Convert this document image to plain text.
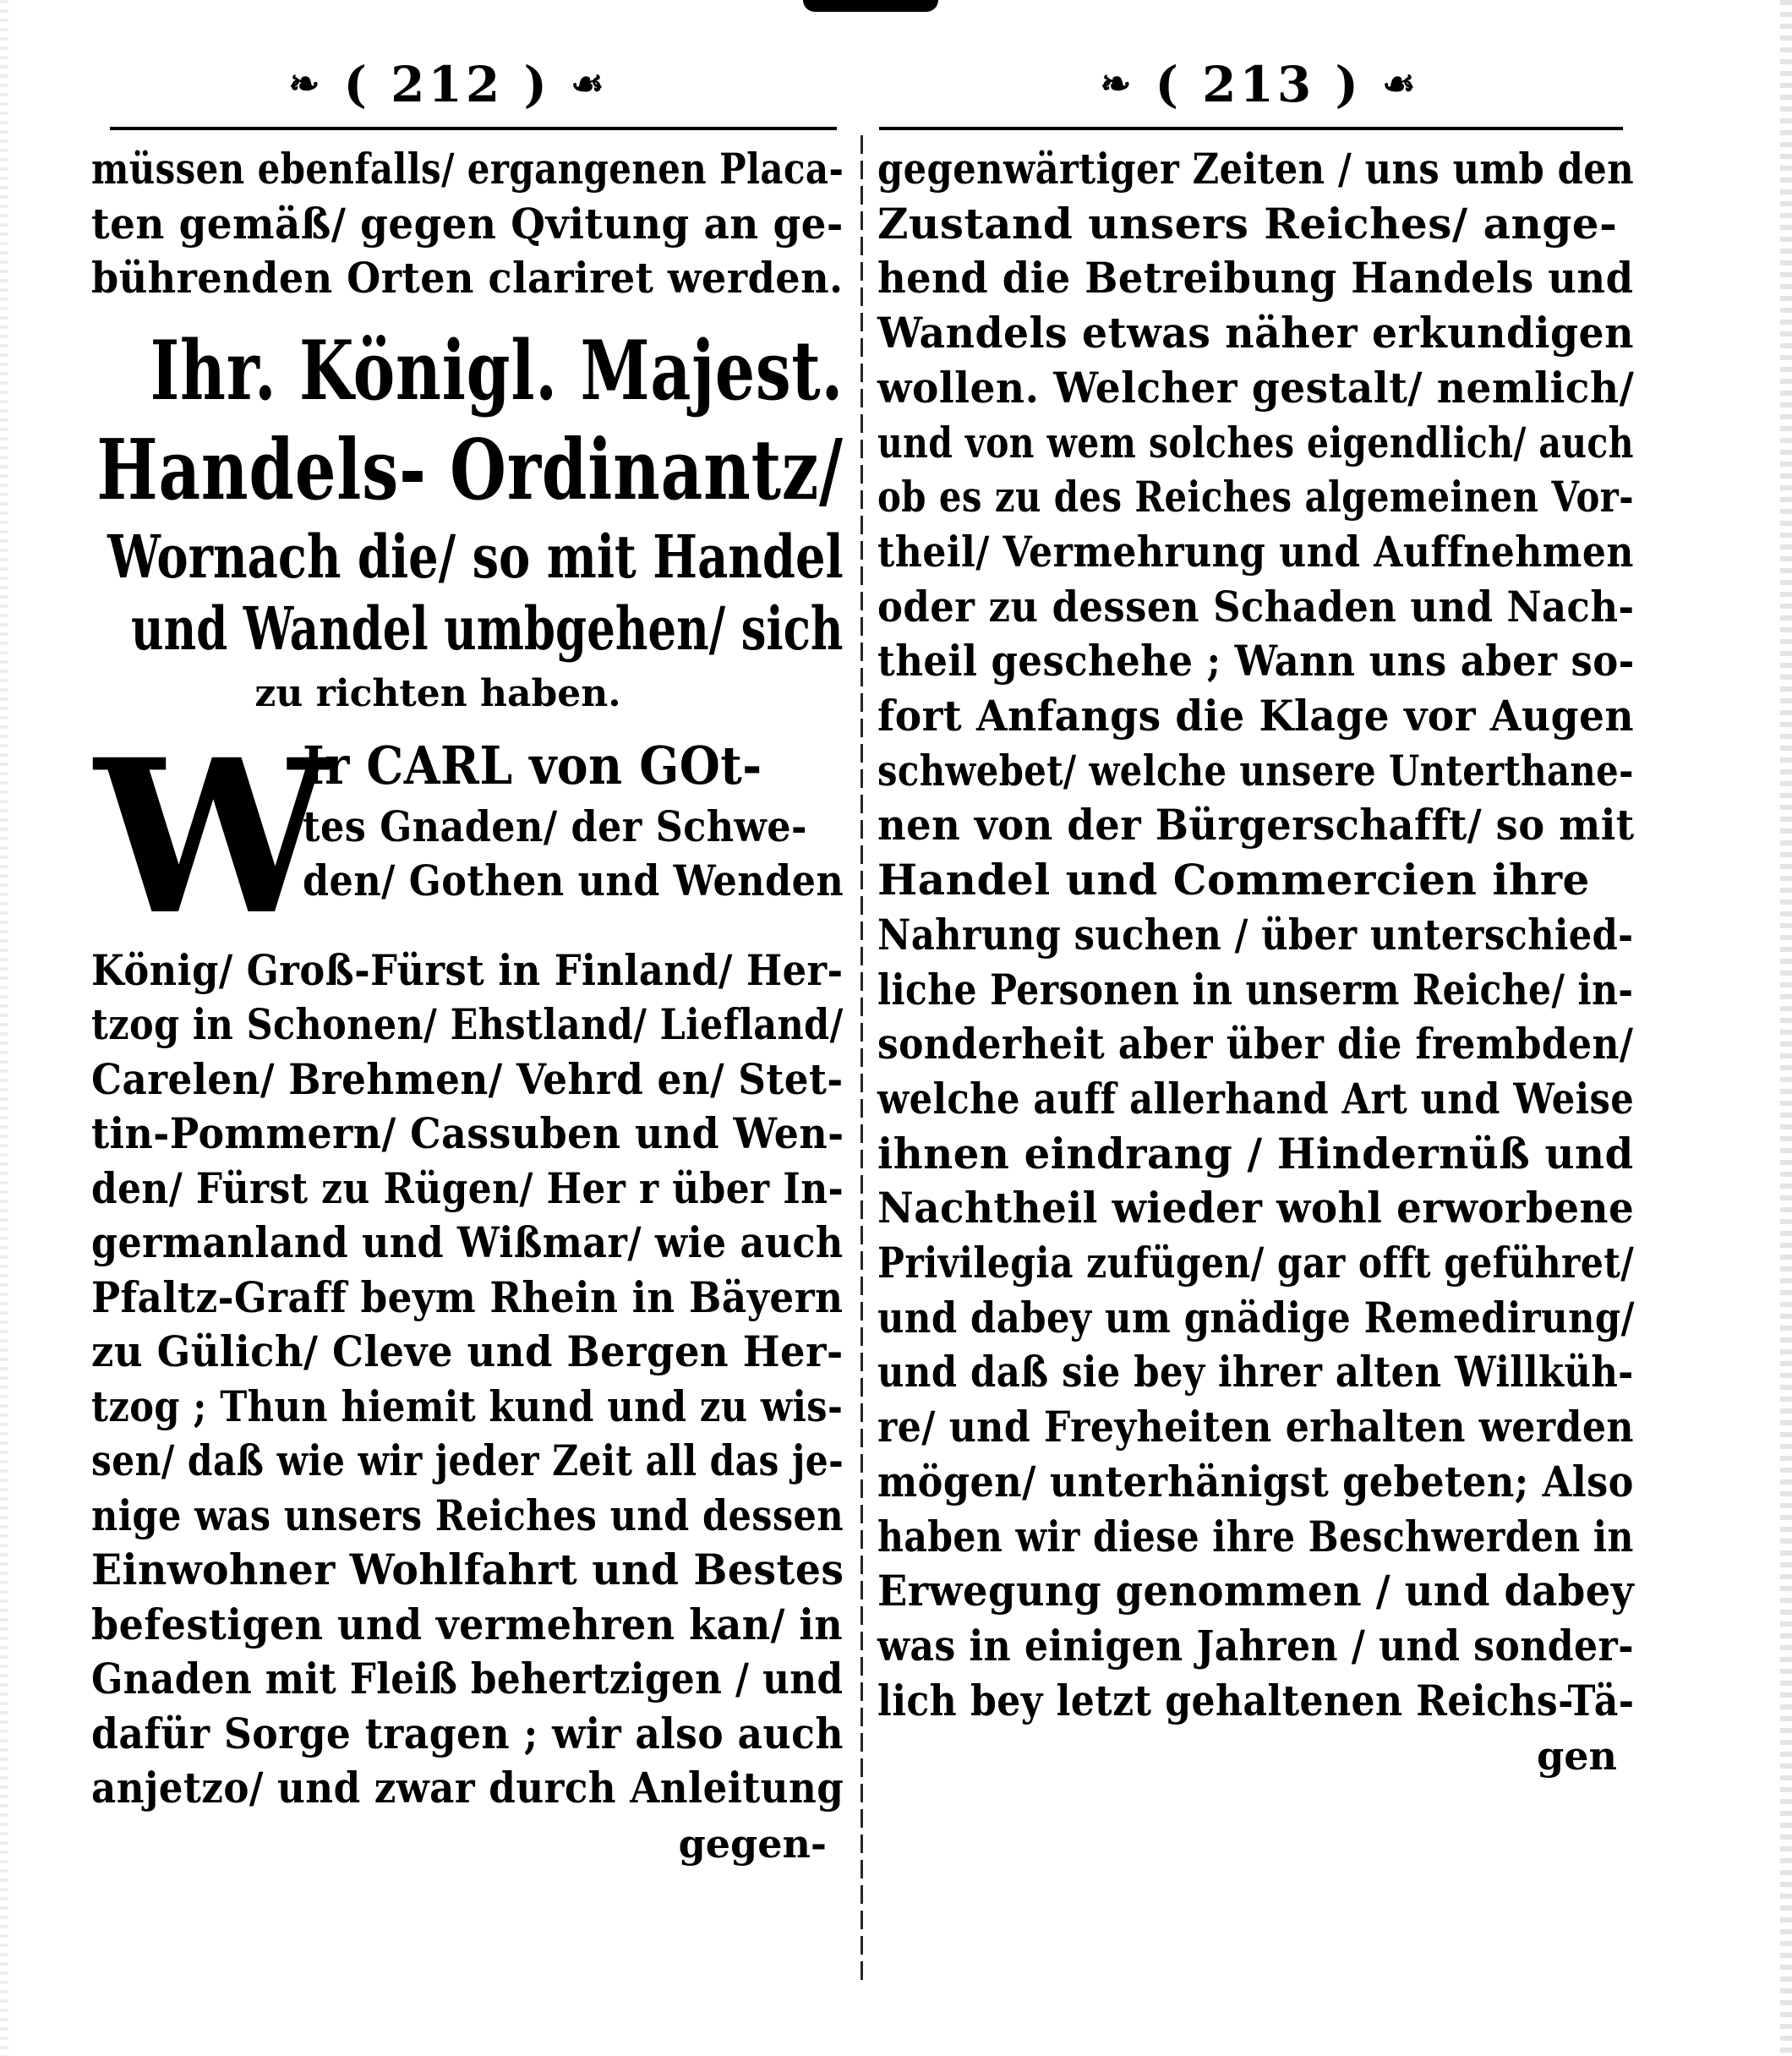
❧ ( 212 ) ☙
müssen ebenfalls/ ergangenen Placa-
ten gemäß/ gegen Qvitung an ge-
bührenden Orten clariret werden.
Ihr. Königl. Majest.
Handels- Ordinantz/
Wornach die/ so mit Handel
und Wandel umbgehen/ sich
zu richten haben.
W
Ir CARL von GOt-
tes Gnaden/ der Schwe-
den/ Gothen und Wenden
König/ Groß-Fürst in Finland/ Her-
tzog in Schonen/ Ehstland/ Liefland/
Carelen/ Brehmen/ Vehrd en/ Stet-
tin-Pommern/ Cassuben und Wen-
den/ Fürst zu Rügen/ Her r über In-
germanland und Wißmar/ wie auch
Pfaltz-Graff beym Rhein in Bäyern
zu Gülich/ Cleve und Bergen Her-
tzog ; Thun hiemit kund und zu wis-
sen/ daß wie wir jeder Zeit all das je-
nige was unsers Reiches und dessen
Einwohner Wohlfahrt und Bestes
befestigen und vermehren kan/ in
Gnaden mit Fleiß behertzigen / und
dafür Sorge tragen ; wir also auch
anjetzo/ und zwar durch Anleitung
gegen-
❧ ( 213 ) ☙
gegenwärtiger Zeiten / uns umb den
Zustand unsers Reiches/ ange-
hend die Betreibung Handels und
Wandels etwas näher erkundigen
wollen. Welcher gestalt/ nemlich/
und von wem solches eigendlich/ auch
ob es zu des Reiches algemeinen Vor-
theil/ Vermehrung und Auffnehmen
oder zu dessen Schaden und Nach-
theil geschehe ; Wann uns aber so-
fort Anfangs die Klage vor Augen
schwebet/ welche unsere Unterthane-
nen von der Bürgerschafft/ so mit
Handel und Commercien ihre
Nahrung suchen / über unterschied-
liche Personen in unserm Reiche/ in-
sonderheit aber über die frembden/
welche auff allerhand Art und Weise
ihnen eindrang / Hindernüß und
Nachtheil wieder wohl erworbene
Privilegia zufügen/ gar offt geführet/
und dabey um gnädige Remedirung/
und daß sie bey ihrer alten Willküh-
re/ und Freyheiten erhalten werden
mögen/ unterhänigst gebeten; Also
haben wir diese ihre Beschwerden in
Erwegung genommen / und dabey
was in einigen Jahren / und sonder-
lich bey letzt gehaltenen Reichs-Tä-
gen
